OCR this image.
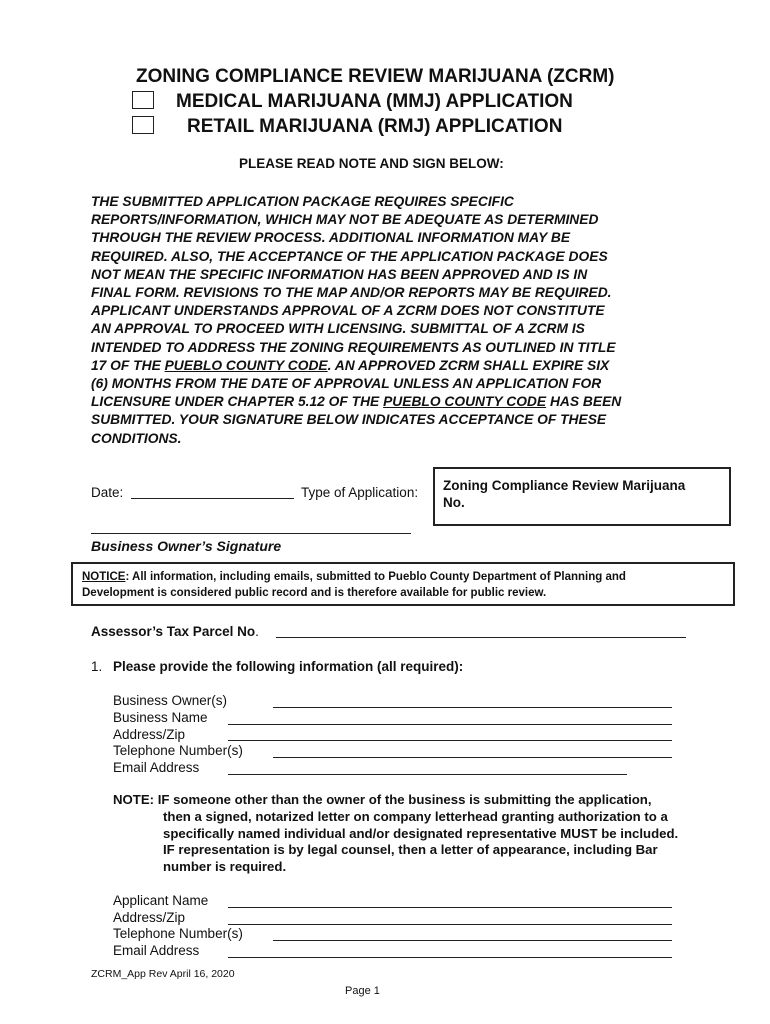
ZONING COMPLIANCE REVIEW MARIJUANA (ZCRM)
MEDICAL MARIJUANA (MMJ) APPLICATION
RETAIL MARIJUANA (RMJ) APPLICATION
PLEASE READ NOTE AND SIGN BELOW:
THE SUBMITTED APPLICATION PACKAGE REQUIRES SPECIFIC
REPORTS/INFORMATION, WHICH MAY NOT BE ADEQUATE AS DETERMINED
THROUGH THE REVIEW PROCESS. ADDITIONAL INFORMATION MAY BE
REQUIRED. ALSO, THE ACCEPTANCE OF THE APPLICATION PACKAGE DOES
NOT MEAN THE SPECIFIC INFORMATION HAS BEEN APPROVED AND IS IN
FINAL FORM. REVISIONS TO THE MAP AND/OR REPORTS MAY BE REQUIRED.
APPLICANT UNDERSTANDS APPROVAL OF A ZCRM DOES NOT CONSTITUTE
AN APPROVAL TO PROCEED WITH LICENSING. SUBMITTAL OF A ZCRM IS
INTENDED TO ADDRESS THE ZONING REQUIREMENTS AS OUTLINED IN TITLE
17 OF THE PUEBLO COUNTY CODE. AN APPROVED ZCRM SHALL EXPIRE SIX
(6) MONTHS FROM THE DATE OF APPROVAL UNLESS AN APPLICATION FOR
LICENSURE UNDER CHAPTER 5.12 OF THE PUEBLO COUNTY CODE HAS BEEN
SUBMITTED. YOUR SIGNATURE BELOW INDICATES ACCEPTANCE OF THESE
CONDITIONS.
Date:	Type of Application: Zoning Compliance Review Marijuana
No.
Business Owner’s Signature
NOTICE: All information, including emails, submitted to Pueblo County Department of Planning and
Development is considered public record and is therefore available for public review.
Assessor’s Tax Parcel No.
1. Please provide the following information (all required):
Business Owner(s)
Business Name
Address/Zip
Telephone Number(s)
Email Address
NOTE: IF someone other than the owner of the business is submitting the application,
then a signed, notarized letter on company letterhead granting authorization to a
specifically named individual and/or designated representative MUST be included.
IF representation is by legal counsel, then a letter of appearance, including Bar
number is required.
Applicant Name
Address/Zip
Telephone Number(s)
Email Address
ZCRM_App Rev April 16, 2020
Page 1
